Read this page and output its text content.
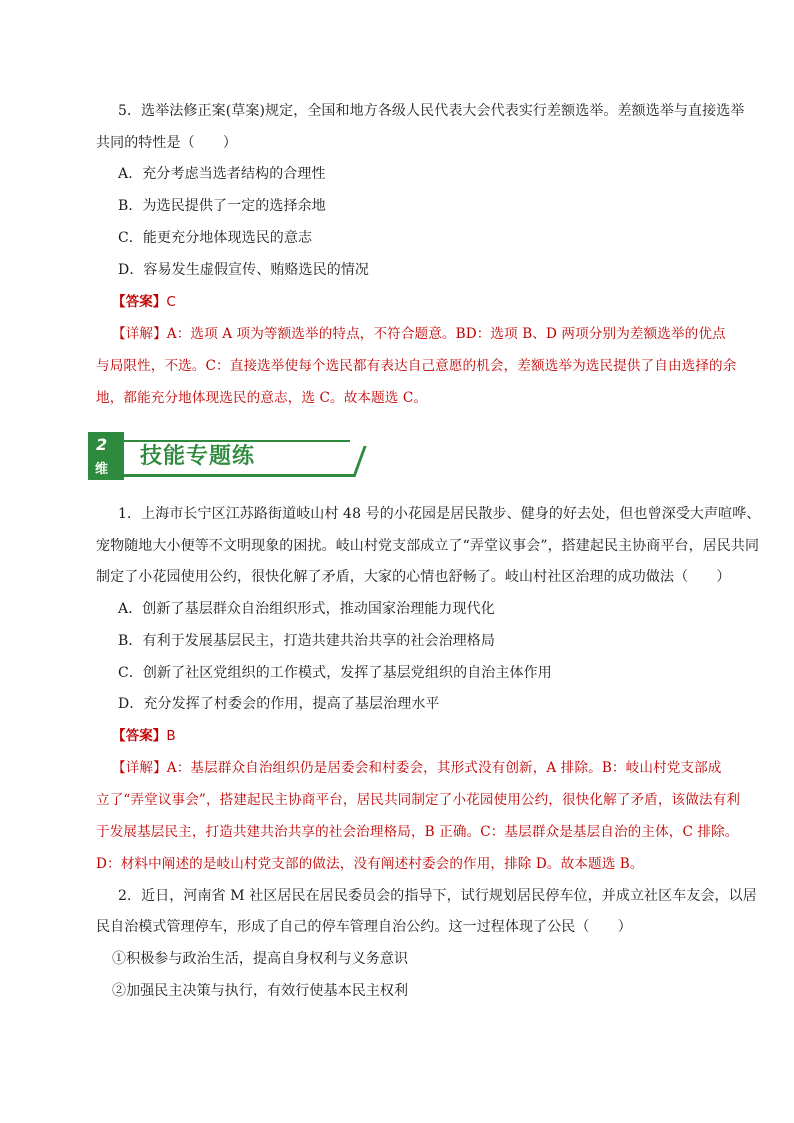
5．选举法修正案(草案)规定，全国和地方各级人民代表大会代表实行差额选举。差额选举与直接选举
共同的特性是（　　）
A．充分考虑当选者结构的合理性
B．为选民提供了一定的选择余地
C．能更充分地体现选民的意志
D．容易发生虚假宣传、贿赂选民的情况
【答案】C
【详解】A：选项 A 项为等额选举的特点，不符合题意。BD：选项 B、D 两项分别为差额选举的优点
与局限性，不选。C：直接选举使每个选民都有表达自己意愿的机会，差额选举为选民提供了自由选择的余
地，都能充分地体现选民的意志，选 C。故本题选 C。
2
维
技能专题练
1．上海市长宁区江苏路街道岐山村 48 号的小花园是居民散步、健身的好去处，但也曾深受大声喧哗、
宠物随地大小便等不文明现象的困扰。岐山村党支部成立了“弄堂议事会”，搭建起民主协商平台，居民共同
制定了小花园使用公约，很快化解了矛盾，大家的心情也舒畅了。岐山村社区治理的成功做法（　　）
A．创新了基层群众自治组织形式，推动国家治理能力现代化
B．有利于发展基层民主，打造共建共治共享的社会治理格局
C．创新了社区党组织的工作模式，发挥了基层党组织的自治主体作用
D．充分发挥了村委会的作用，提高了基层治理水平
【答案】B
【详解】A：基层群众自治组织仍是居委会和村委会，其形式没有创新，A 排除。B：岐山村党支部成
立了“弄堂议事会”，搭建起民主协商平台，居民共同制定了小花园使用公约，很快化解了矛盾，该做法有利
于发展基层民主，打造共建共治共享的社会治理格局，B 正确。C：基层群众是基层自治的主体，C 排除。
D：材料中阐述的是岐山村党支部的做法，没有阐述村委会的作用，排除 D。故本题选 B。
2．近日，河南省 M 社区居民在居民委员会的指导下，试行规划居民停车位，并成立社区车友会，以居
民自治模式管理停车，形成了自己的停车管理自治公约。这一过程体现了公民（　　）
①积极参与政治生活，提高自身权利与义务意识
②加强民主决策与执行，有效行使基本民主权利
